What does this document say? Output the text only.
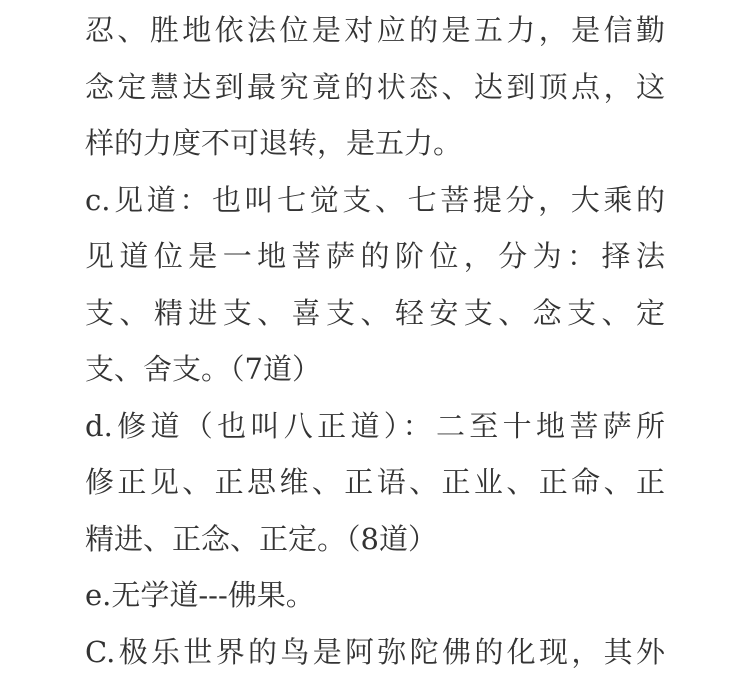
忍、胜地依法位是对应的是五力，是信勤
念定慧达到最究竟的状态、达到顶点，这
样的力度不可退转，是五力。
c.见道：也叫七觉支、七菩提分，大乘的
见道位是一地菩萨的阶位，分为：择法
支、精进支、喜支、轻安支、念支、定
支、舍支。（7道）
d.修道（也叫八正道）：二至十地菩萨所
修正见、正思维、正语、正业、正命、正
精进、正念、正定。（8道）
e.无学道---佛果。
C.极乐世界的鸟是阿弥陀佛的化现，其外
